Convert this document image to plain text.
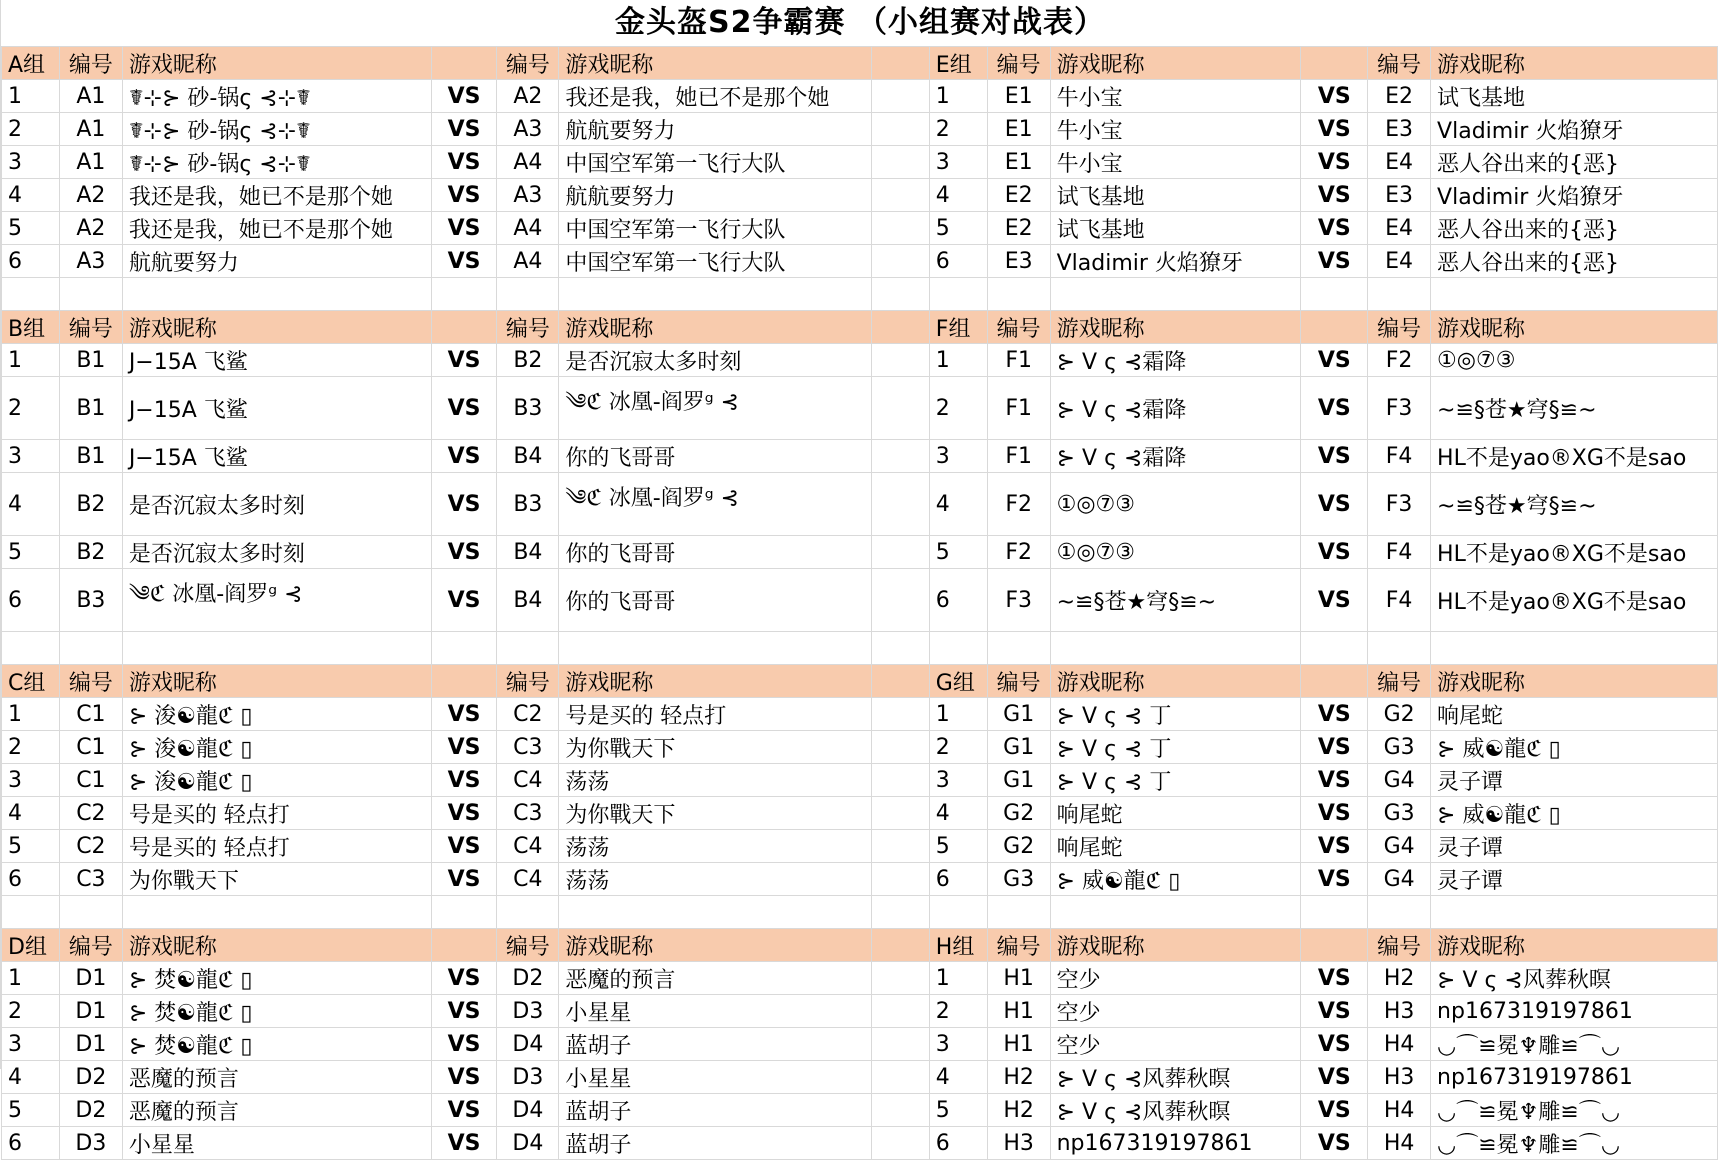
金头盔S2争霸赛 （小组赛对战表）
A组	编号	游戏昵称		编号	游戏昵称		E组	编号	游戏昵称		编号	游戏昵称
1	A1	☤⊹⊱ 砂-锅ς ⊰⊹☤	VS	A2	我还是我，她已不是那个她		1	E1	牛小宝	VS	E2	试飞基地
2	A1	☤⊹⊱ 砂-锅ς ⊰⊹☤	VS	A3	航航要努力		2	E1	牛小宝	VS	E3	Vladimir 火焰獠牙
3	A1	☤⊹⊱ 砂-锅ς ⊰⊹☤	VS	A4	中国空军第一飞行大队		3	E1	牛小宝	VS	E4	恶人谷出来的{恶}
4	A2	我还是我，她已不是那个她	VS	A3	航航要努力		4	E2	试飞基地	VS	E3	Vladimir 火焰獠牙
5	A2	我还是我，她已不是那个她	VS	A4	中国空军第一飞行大队		5	E2	试飞基地	VS	E4	恶人谷出来的{恶}
6	A3	航航要努力	VS	A4	中国空军第一飞行大队		6	E3	Vladimir 火焰獠牙	VS	E4	恶人谷出来的{恶}

B组	编号	游戏昵称		编号	游戏昵称		F组	编号	游戏昵称		编号	游戏昵称
1	B1	J−15A 飞鲨	VS	B2	是否沉寂太多时刻		1	F1	⊱ V ς ⊰霜降	VS	F2	①◎⑦③
2	B1	J−15A 飞鲨	VS	B3	༄ℭ 冰凰-阎罗ᵍ ⊰		2	F1	⊱ V ς ⊰霜降	VS	F3	~≌§苍★穹§≌~
3	B1	J−15A 飞鲨	VS	B4	你的飞哥哥		3	F1	⊱ V ς ⊰霜降	VS	F4	HL不是yao®XG不是sao
4	B2	是否沉寂太多时刻	VS	B3	༄ℭ 冰凰-阎罗ᵍ ⊰		4	F2	①◎⑦③	VS	F3	~≌§苍★穹§≌~
5	B2	是否沉寂太多时刻	VS	B4	你的飞哥哥		5	F2	①◎⑦③	VS	F4	HL不是yao®XG不是sao
6	B3	༄ℭ 冰凰-阎罗ᵍ ⊰	VS	B4	你的飞哥哥		6	F3	~≌§苍★穹§≌~	VS	F4	HL不是yao®XG不是sao

C组	编号	游戏昵称		编号	游戏昵称		G组	编号	游戏昵称		编号	游戏昵称
1	C1	⊱ 浚☯龍ℭ ▯	VS	C2	号是买的 轻点打		1	G1	⊱ V ς ⊰ 丁	VS	G2	响尾蛇
2	C1	⊱ 浚☯龍ℭ ▯	VS	C3	为你戰天下		2	G1	⊱ V ς ⊰ 丁	VS	G3	⊱ 威☯龍ℭ ▯
3	C1	⊱ 浚☯龍ℭ ▯	VS	C4	荡荡		3	G1	⊱ V ς ⊰ 丁	VS	G4	灵子谭
4	C2	号是买的 轻点打	VS	C3	为你戰天下		4	G2	响尾蛇	VS	G3	⊱ 威☯龍ℭ ▯
5	C2	号是买的 轻点打	VS	C4	荡荡		5	G2	响尾蛇	VS	G4	灵子谭
6	C3	为你戰天下	VS	C4	荡荡		6	G3	⊱ 威☯龍ℭ ▯	VS	G4	灵子谭

D组	编号	游戏昵称		编号	游戏昵称		H组	编号	游戏昵称		编号	游戏昵称
1	D1	⊱ 焚☯龍ℭ ▯	VS	D2	恶魔的预言		1	H1	空少	VS	H2	⊱ V ς ⊰风葬秋暝
2	D1	⊱ 焚☯龍ℭ ▯	VS	D3	小星星		2	H1	空少	VS	H3	np167319197861
3	D1	⊱ 焚☯龍ℭ ▯	VS	D4	蓝胡子		3	H1	空少	VS	H4	◡⌒≌冕♆雕≌⌒◡
4	D2	恶魔的预言	VS	D3	小星星		4	H2	⊱ V ς ⊰风葬秋暝	VS	H3	np167319197861
5	D2	恶魔的预言	VS	D4	蓝胡子		5	H2	⊱ V ς ⊰风葬秋暝	VS	H4	◡⌒≌冕♆雕≌⌒◡
6	D3	小星星	VS	D4	蓝胡子		6	H3	np167319197861	VS	H4	◡⌒≌冕♆雕≌⌒◡
